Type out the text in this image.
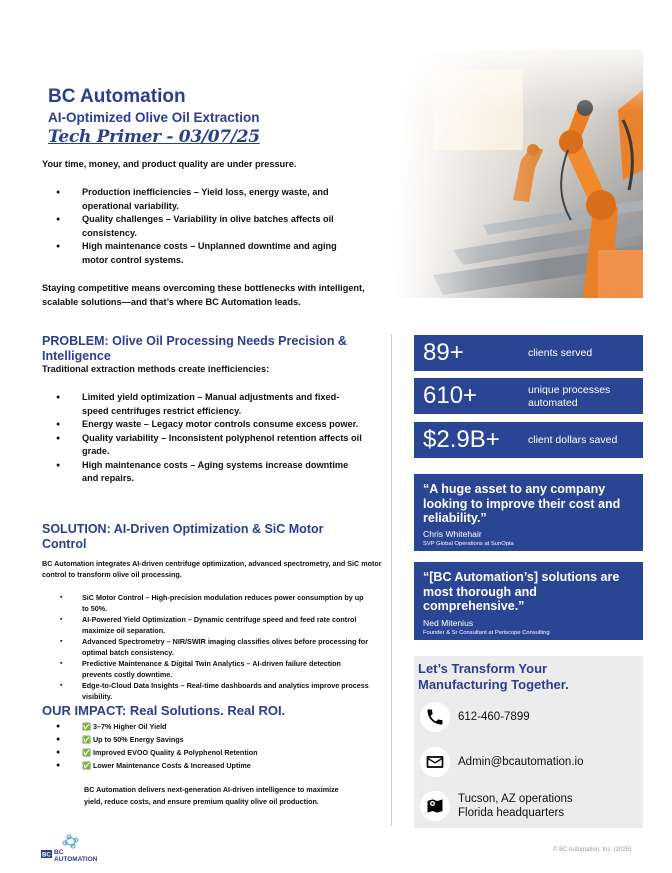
BC Automation
AI-Optimized Olive Oil Extraction
Tech Primer - 03/07/25
Your time, money, and product quality are under pressure.
● Production inefficiencies – Yield loss, energy waste, and operational variability.
● Quality challenges – Variability in olive batches affects oil consistency.
● High maintenance costs – Unplanned downtime and aging motor control systems.
Staying competitive means overcoming these bottlenecks with intelligent, scalable solutions—and that’s where BC Automation leads.
PROBLEM: Olive Oil Processing Needs Precision & Intelligence
Traditional extraction methods create inefficiencies:
● Limited yield optimization – Manual adjustments and fixed-speed centrifuges restrict efficiency.
● Energy waste – Legacy motor controls consume excess power.
● Quality variability – Inconsistent polyphenol retention affects oil grade.
● High maintenance costs – Aging systems increase downtime and repairs.
SOLUTION: AI-Driven Optimization & SiC Motor Control
BC Automation integrates AI-driven centrifuge optimization, advanced spectrometry, and SiC motor control to transform olive oil processing.
▪ SiC Motor Control – High-precision modulation reduces power consumption by up to 50%.
▪ AI-Powered Yield Optimization – Dynamic centrifuge speed and feed rate control maximize oil separation.
▪ Advanced Spectrometry – NIR/SWIR imaging classifies olives before processing for optimal batch consistency.
▪ Predictive Maintenance & Digital Twin Analytics – AI-driven failure detection prevents costly downtime.
▪ Edge-to-Cloud Data Insights – Real-time dashboards and analytics improve process visibility.
OUR IMPACT: Real Solutions. Real ROI.
● ✅ 3–7% Higher Oil Yield
● ✅ Up to 50% Energy Savings
● ✅ Improved EVOO Quality & Polyphenol Retention
● ✅ Lower Maintenance Costs & Increased Uptime
BC Automation delivers next-generation AI-driven intelligence to maximize yield, reduce costs, and ensure premium quality olive oil production.
89+	clients served
610+	unique processes automated
$2.9B+	client dollars saved
“A huge asset to any company looking to improve their cost and reliability.”
Chris Whitehair
SVP Global Operations at SunOpta
“[BC Automation’s] solutions are most thorough and comprehensive.”
Ned Mitenius
Founder & Sr Consultant at Periscope Consulting
Let’s Transform Your Manufacturing Together.
612-460-7899
Admin@bcautomation.io
Tucson, AZ operations
Florida headquarters
BC BC AUTOMATION
© BC Automation, Inc. (2025)
